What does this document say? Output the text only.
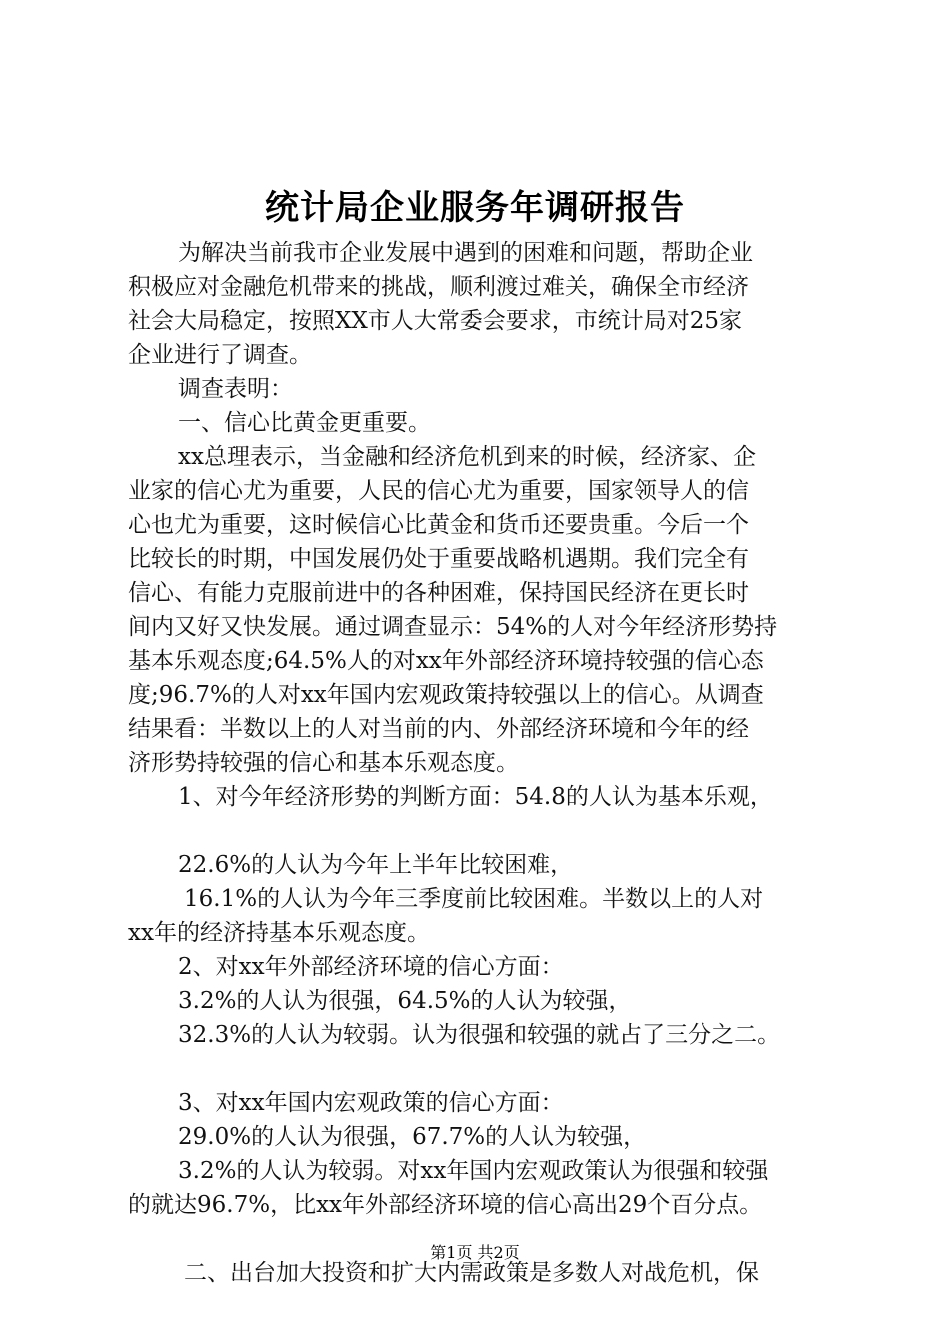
统计局企业服务年调研报告

为解决当前我市企业发展中遇到的困难和问题，帮助企业

积极应对金融危机带来的挑战，顺利渡过难关，确保全市经济

社会大局稳定，按照XX市人大常委会要求，市统计局对25家

企业进行了调查。

调查表明：

一、信心比黄金更重要。

xx总理表示，当金融和经济危机到来的时候，经济家、企

业家的信心尤为重要，人民的信心尤为重要，国家领导人的信

心也尤为重要，这时候信心比黄金和货币还要贵重。今后一个

比较长的时期，中国发展仍处于重要战略机遇期。我们完全有

信心、有能力克服前进中的各种困难，保持国民经济在更长时

间内又好又快发展。通过调查显示：54%的人对今年经济形势持

基本乐观态度;64.5%人的对xx年外部经济环境持较强的信心态

度;96.7%的人对xx年国内宏观政策持较强以上的信心。从调查

结果看：半数以上的人对当前的内、外部经济环境和今年的经

济形势持较强的信心和基本乐观态度。

1、对今年经济形势的判断方面：54.8的人认为基本乐观，

22.6%的人认为今年上半年比较困难，

16.1%的人认为今年三季度前比较困难。半数以上的人对

xx年的经济持基本乐观态度。

2、对xx年外部经济环境的信心方面：

3.2%的人认为很强，64.5%的人认为较强，

32.3%的人认为较弱。认为很强和较强的就占了三分之二。

3、对xx年国内宏观政策的信心方面：

29.0%的人认为很强，67.7%的人认为较强，

3.2%的人认为较弱。对xx年国内宏观政策认为很强和较强

的就达96.7%，比xx年外部经济环境的信心高出29个百分点。

二、出台加大投资和扩大内需政策是多数人对战危机，保

第1页 共2页
